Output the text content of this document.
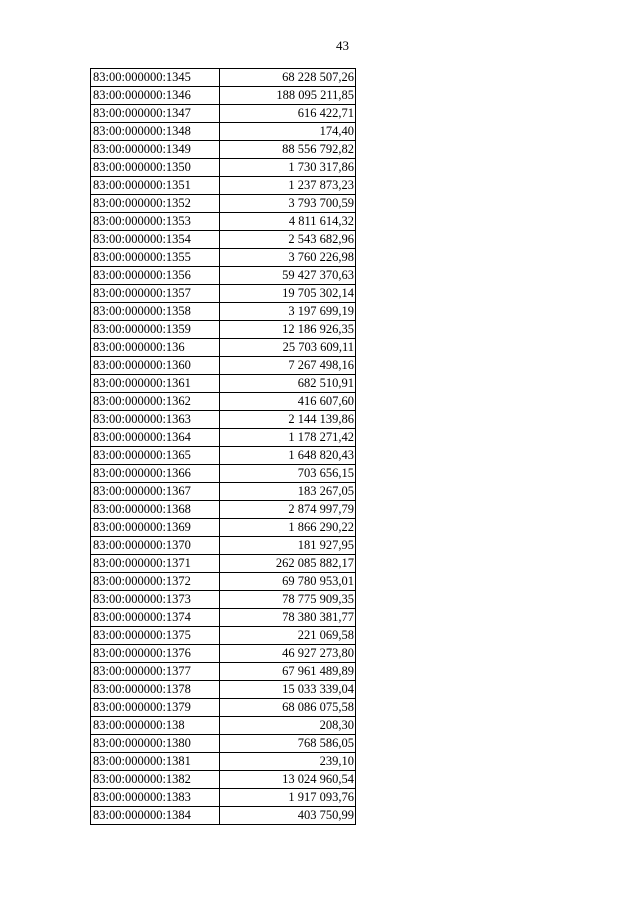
43
83:00:000000:1345	68 228 507,26
83:00:000000:1346	188 095 211,85
83:00:000000:1347	616 422,71
83:00:000000:1348	174,40
83:00:000000:1349	88 556 792,82
83:00:000000:1350	1 730 317,86
83:00:000000:1351	1 237 873,23
83:00:000000:1352	3 793 700,59
83:00:000000:1353	4 811 614,32
83:00:000000:1354	2 543 682,96
83:00:000000:1355	3 760 226,98
83:00:000000:1356	59 427 370,63
83:00:000000:1357	19 705 302,14
83:00:000000:1358	3 197 699,19
83:00:000000:1359	12 186 926,35
83:00:000000:136	25 703 609,11
83:00:000000:1360	7 267 498,16
83:00:000000:1361	682 510,91
83:00:000000:1362	416 607,60
83:00:000000:1363	2 144 139,86
83:00:000000:1364	1 178 271,42
83:00:000000:1365	1 648 820,43
83:00:000000:1366	703 656,15
83:00:000000:1367	183 267,05
83:00:000000:1368	2 874 997,79
83:00:000000:1369	1 866 290,22
83:00:000000:1370	181 927,95
83:00:000000:1371	262 085 882,17
83:00:000000:1372	69 780 953,01
83:00:000000:1373	78 775 909,35
83:00:000000:1374	78 380 381,77
83:00:000000:1375	221 069,58
83:00:000000:1376	46 927 273,80
83:00:000000:1377	67 961 489,89
83:00:000000:1378	15 033 339,04
83:00:000000:1379	68 086 075,58
83:00:000000:138	208,30
83:00:000000:1380	768 586,05
83:00:000000:1381	239,10
83:00:000000:1382	13 024 960,54
83:00:000000:1383	1 917 093,76
83:00:000000:1384	403 750,99
